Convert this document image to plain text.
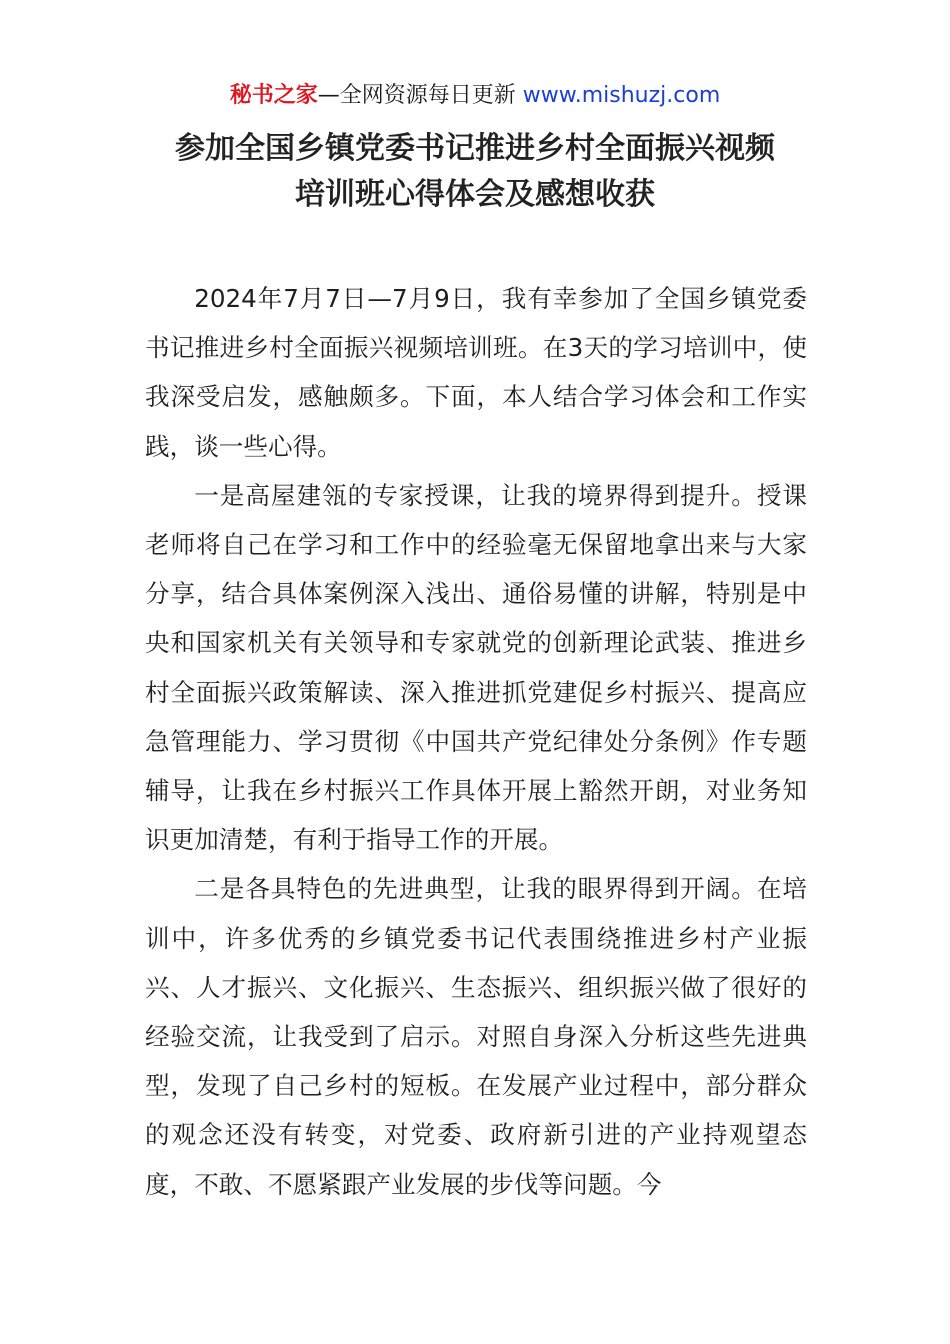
秘书之家—全网资源每日更新 www.mishuzj.com
参加全国乡镇党委书记推进乡村全面振兴视频
培训班心得体会及感想收获

2024年7月7日—7月9日，我有幸参加了全国乡镇党委书记推进乡村全面振兴视频培训班。在3天的学习培训中，使我深受启发，感触颇多。下面，本人结合学习体会和工作实践，谈一些心得。

一是高屋建瓴的专家授课，让我的境界得到提升。授课老师将自己在学习和工作中的经验毫无保留地拿出来与大家分享，结合具体案例深入浅出、通俗易懂的讲解，特别是中央和国家机关有关领导和专家就党的创新理论武装、推进乡村全面振兴政策解读、深入推进抓党建促乡村振兴、提高应急管理能力、学习贯彻《中国共产党纪律处分条例》作专题辅导，让我在乡村振兴工作具体开展上豁然开朗，对业务知识更加清楚，有利于指导工作的开展。

二是各具特色的先进典型，让我的眼界得到开阔。在培训中，许多优秀的乡镇党委书记代表围绕推进乡村产业振兴、人才振兴、文化振兴、生态振兴、组织振兴做了很好的经验交流，让我受到了启示。对照自身深入分析这些先进典型，发现了自己乡村的短板。在发展产业过程中，部分群众的观念还没有转变，对党委、政府新引进的产业持观望态度，不敢、不愿紧跟产业发展的步伐等问题。今
